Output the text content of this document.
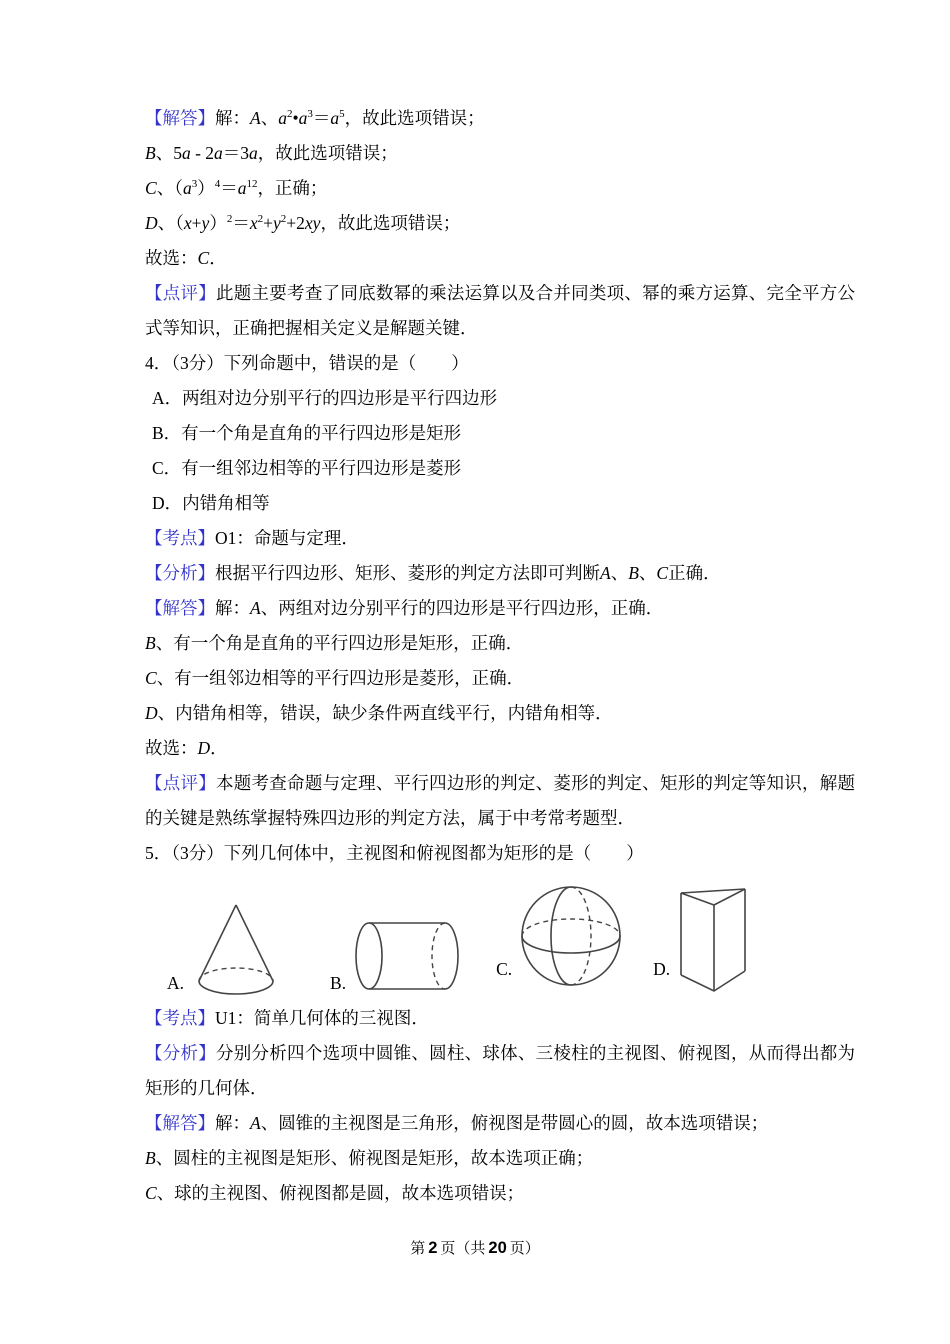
【解答】解：A、$a^2•a^3=a^5$，故此选项错误；

B、5a - 2a＝3a，故此选项错误；

C、$(a^3)^4=a^{12}$，正确；

D、$(x+y)^2=x^2+y^2+2xy$，故此选项错误；

故选：C．

【点评】此题主要考查了同底数幂的乘法运算以及合并同类项、幂的乘方运算、完全平方公式等知识，正确把握相关定义是解题关键．

4．（3分）下列命题中，错误的是（　　）

A．两组对边分别平行的四边形是平行四边形

B．有一个角是直角的平行四边形是矩形

C．有一组邻边相等的平行四边形是菱形

D．内错角相等

【考点】O1：命题与定理．

【分析】根据平行四边形、矩形、菱形的判定方法即可判断A、B、C正确．

【解答】解：A、两组对边分别平行的四边形是平行四边形，正确．

B、有一个角是直角的平行四边形是矩形，正确．

C、有一组邻边相等的平行四边形是菱形，正确．

D、内错角相等，错误，缺少条件两直线平行，内错角相等．

故选：D．

【点评】本题考查命题与定理、平行四边形的判定、菱形的判定、矩形的判定等知识，解题的关键是熟练掌握特殊四边形的判定方法，属于中考常考题型．

5．（3分）下列几何体中，主视图和俯视图都为矩形的是（　　）

A.	B.
C.	D.

【考点】U1：简单几何体的三视图．

【分析】分别分析四个选项中圆锥、圆柱、球体、三棱柱的主视图、俯视图，从而得出都为矩形的几何体．

【解答】解：A、圆锥的主视图是三角形，俯视图是带圆心的圆，故本选项错误；

B、圆柱的主视图是矩形、俯视图是矩形，故本选项正确；

C、球的主视图、俯视图都是圆，故本选项错误；

第 2 页（共 20 页）
